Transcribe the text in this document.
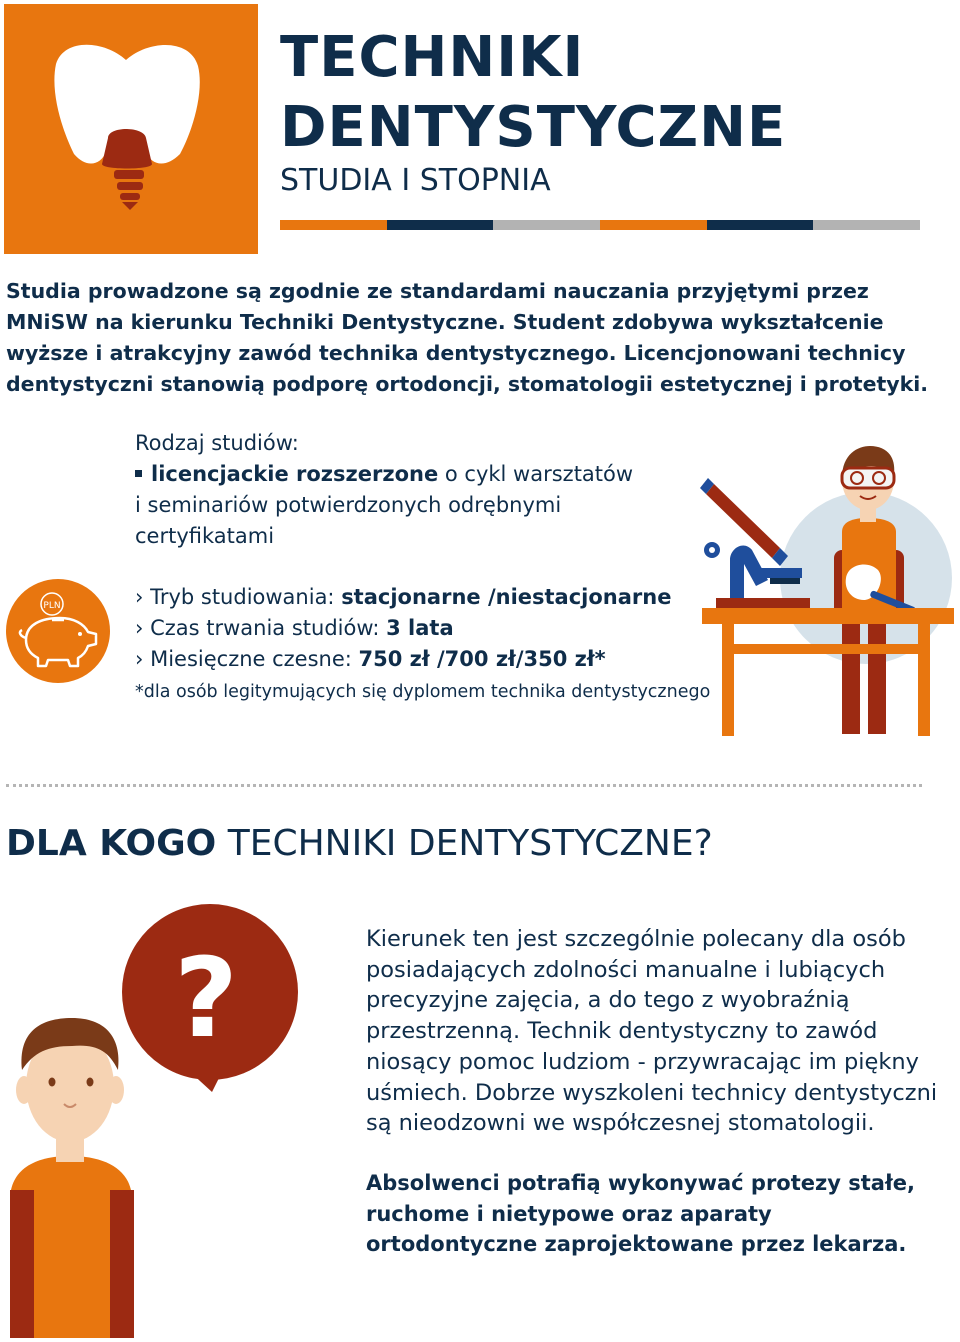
TECHNIKI
DENTYSTYCZNE
STUDIA I STOPNIA

Studia prowadzone są zgodnie ze standardami nauczania przyjętymi przez MNiSW na kierunku Techniki Dentystyczne. Student zdobywa wykształcenie wyższe i atrakcyjny zawód technika dentystycznego. Licencjonowani technicy dentystyczni stanowią podporę ortodoncji, stomatologii estetycznej i protetyki.

PLN

Rodzaj studiów:

licencjackie rozszerzone o cykl warsztatów

i seminariów potwierdzonych odrębnymi

certyfikatami

› Tryb studiowania: stacjonarne /niestacjonarne

› Czas trwania studiów: 3 lata

› Miesięczne czesne: 750 zł /700 zł/350 zł*

*dla osób legitymujących się dyplomem technika dentystycznego

DLA KOGO TECHNIKI DENTYSTYCZNE?
?	Kierunek ten jest szczególnie polecany dla osób posiadających zdolności manualne i lubiących precyzyjne zajęcia, a do tego z wyobraźnią przestrzenną. Technik dentystyczny to zawód niosący pomoc ludziom - przywracając im piękny uśmiech. Dobrze wyszkoleni technicy dentystyczni są nieodzowni we współczesnej stomatologii.

Absolwenci potrafią wykonywać protezy stałe, ruchome i nietypowe oraz aparaty ortodontyczne zaprojektowane przez lekarza.
